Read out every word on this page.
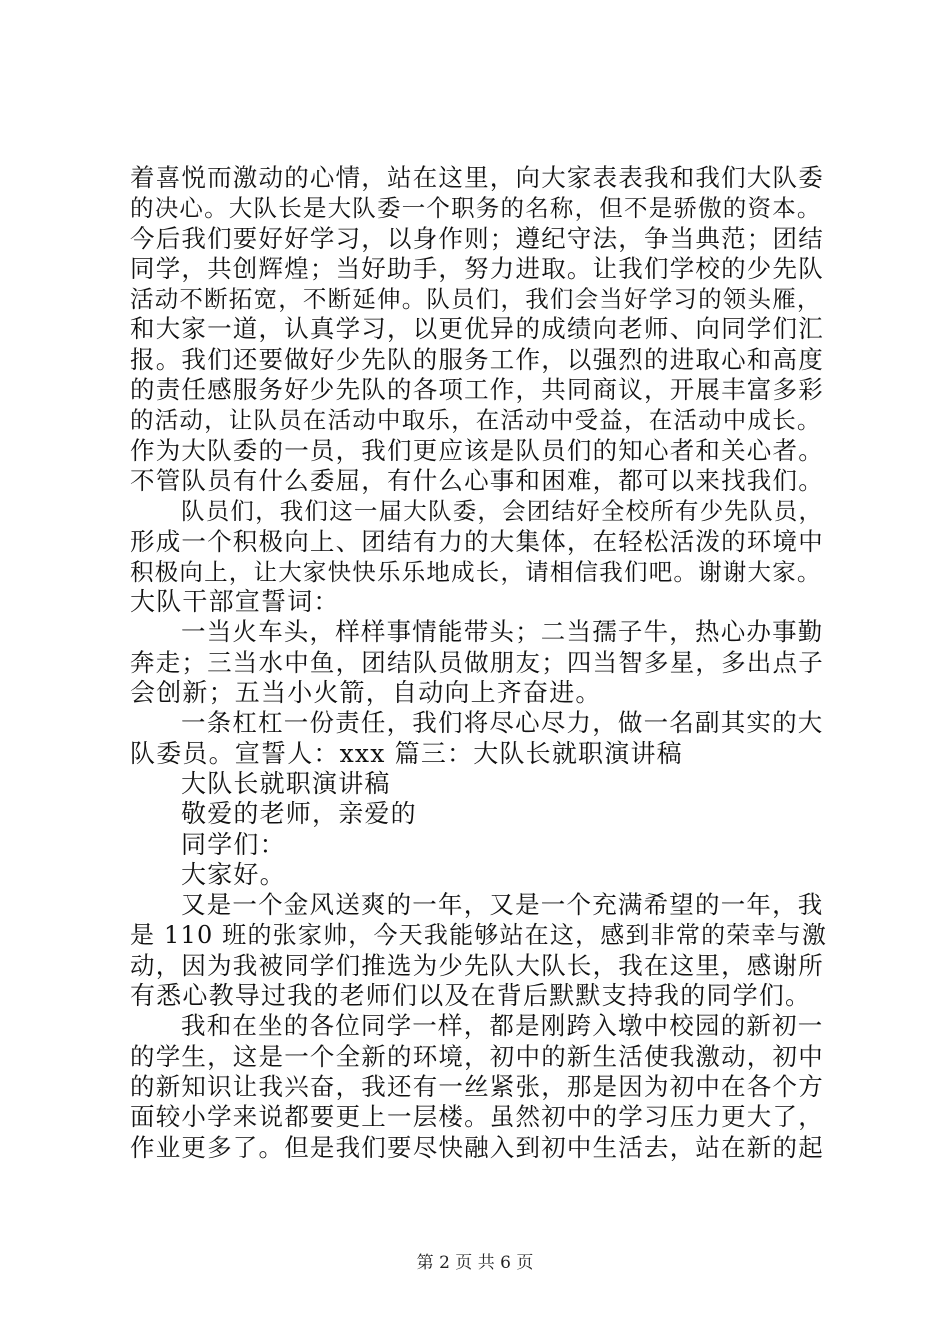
着喜悦而激动的心情，站在这里，向大家表表我和我们大队委
的决心。大队长是大队委一个职务的名称，但不是骄傲的资本。
今后我们要好好学习，以身作则；遵纪守法，争当典范；团结
同学，共创辉煌；当好助手，努力进取。让我们学校的少先队
活动不断拓宽，不断延伸。队员们，我们会当好学习的领头雁，
和大家一道，认真学习，以更优异的成绩向老师、向同学们汇
报。我们还要做好少先队的服务工作，以强烈的进取心和高度
的责任感服务好少先队的各项工作，共同商议，开展丰富多彩
的活动，让队员在活动中取乐，在活动中受益，在活动中成长。
作为大队委的一员，我们更应该是队员们的知心者和关心者。
不管队员有什么委屈，有什么心事和困难，都可以来找我们。
队员们，我们这一届大队委，会团结好全校所有少先队员，
形成一个积极向上、团结有力的大集体，在轻松活泼的环境中
积极向上，让大家快快乐乐地成长，请相信我们吧。谢谢大家。
大队干部宣誓词：
一当火车头，样样事情能带头；二当孺子牛，热心办事勤
奔走；三当水中鱼，团结队员做朋友；四当智多星，多出点子
会创新；五当小火箭，自动向上齐奋进。
一条杠杠一份责任，我们将尽心尽力，做一名副其实的大
队委员。宣誓人：xxx 篇三：大队长就职演讲稿
大队长就职演讲稿
敬爱的老师，亲爱的
同学们：
大家好。
又是一个金风送爽的一年，又是一个充满希望的一年，我
是 110 班的张家帅，今天我能够站在这，感到非常的荣幸与激
动，因为我被同学们推选为少先队大队长，我在这里，感谢所
有悉心教导过我的老师们以及在背后默默支持我的同学们。
我和在坐的各位同学一样，都是刚跨入墩中校园的新初一
的学生，这是一个全新的环境，初中的新生活使我激动，初中
的新知识让我兴奋，我还有一丝紧张，那是因为初中在各个方
面较小学来说都要更上一层楼。虽然初中的学习压力更大了，
作业更多了。但是我们要尽快融入到初中生活去，站在新的起
第 2 页 共 6 页
